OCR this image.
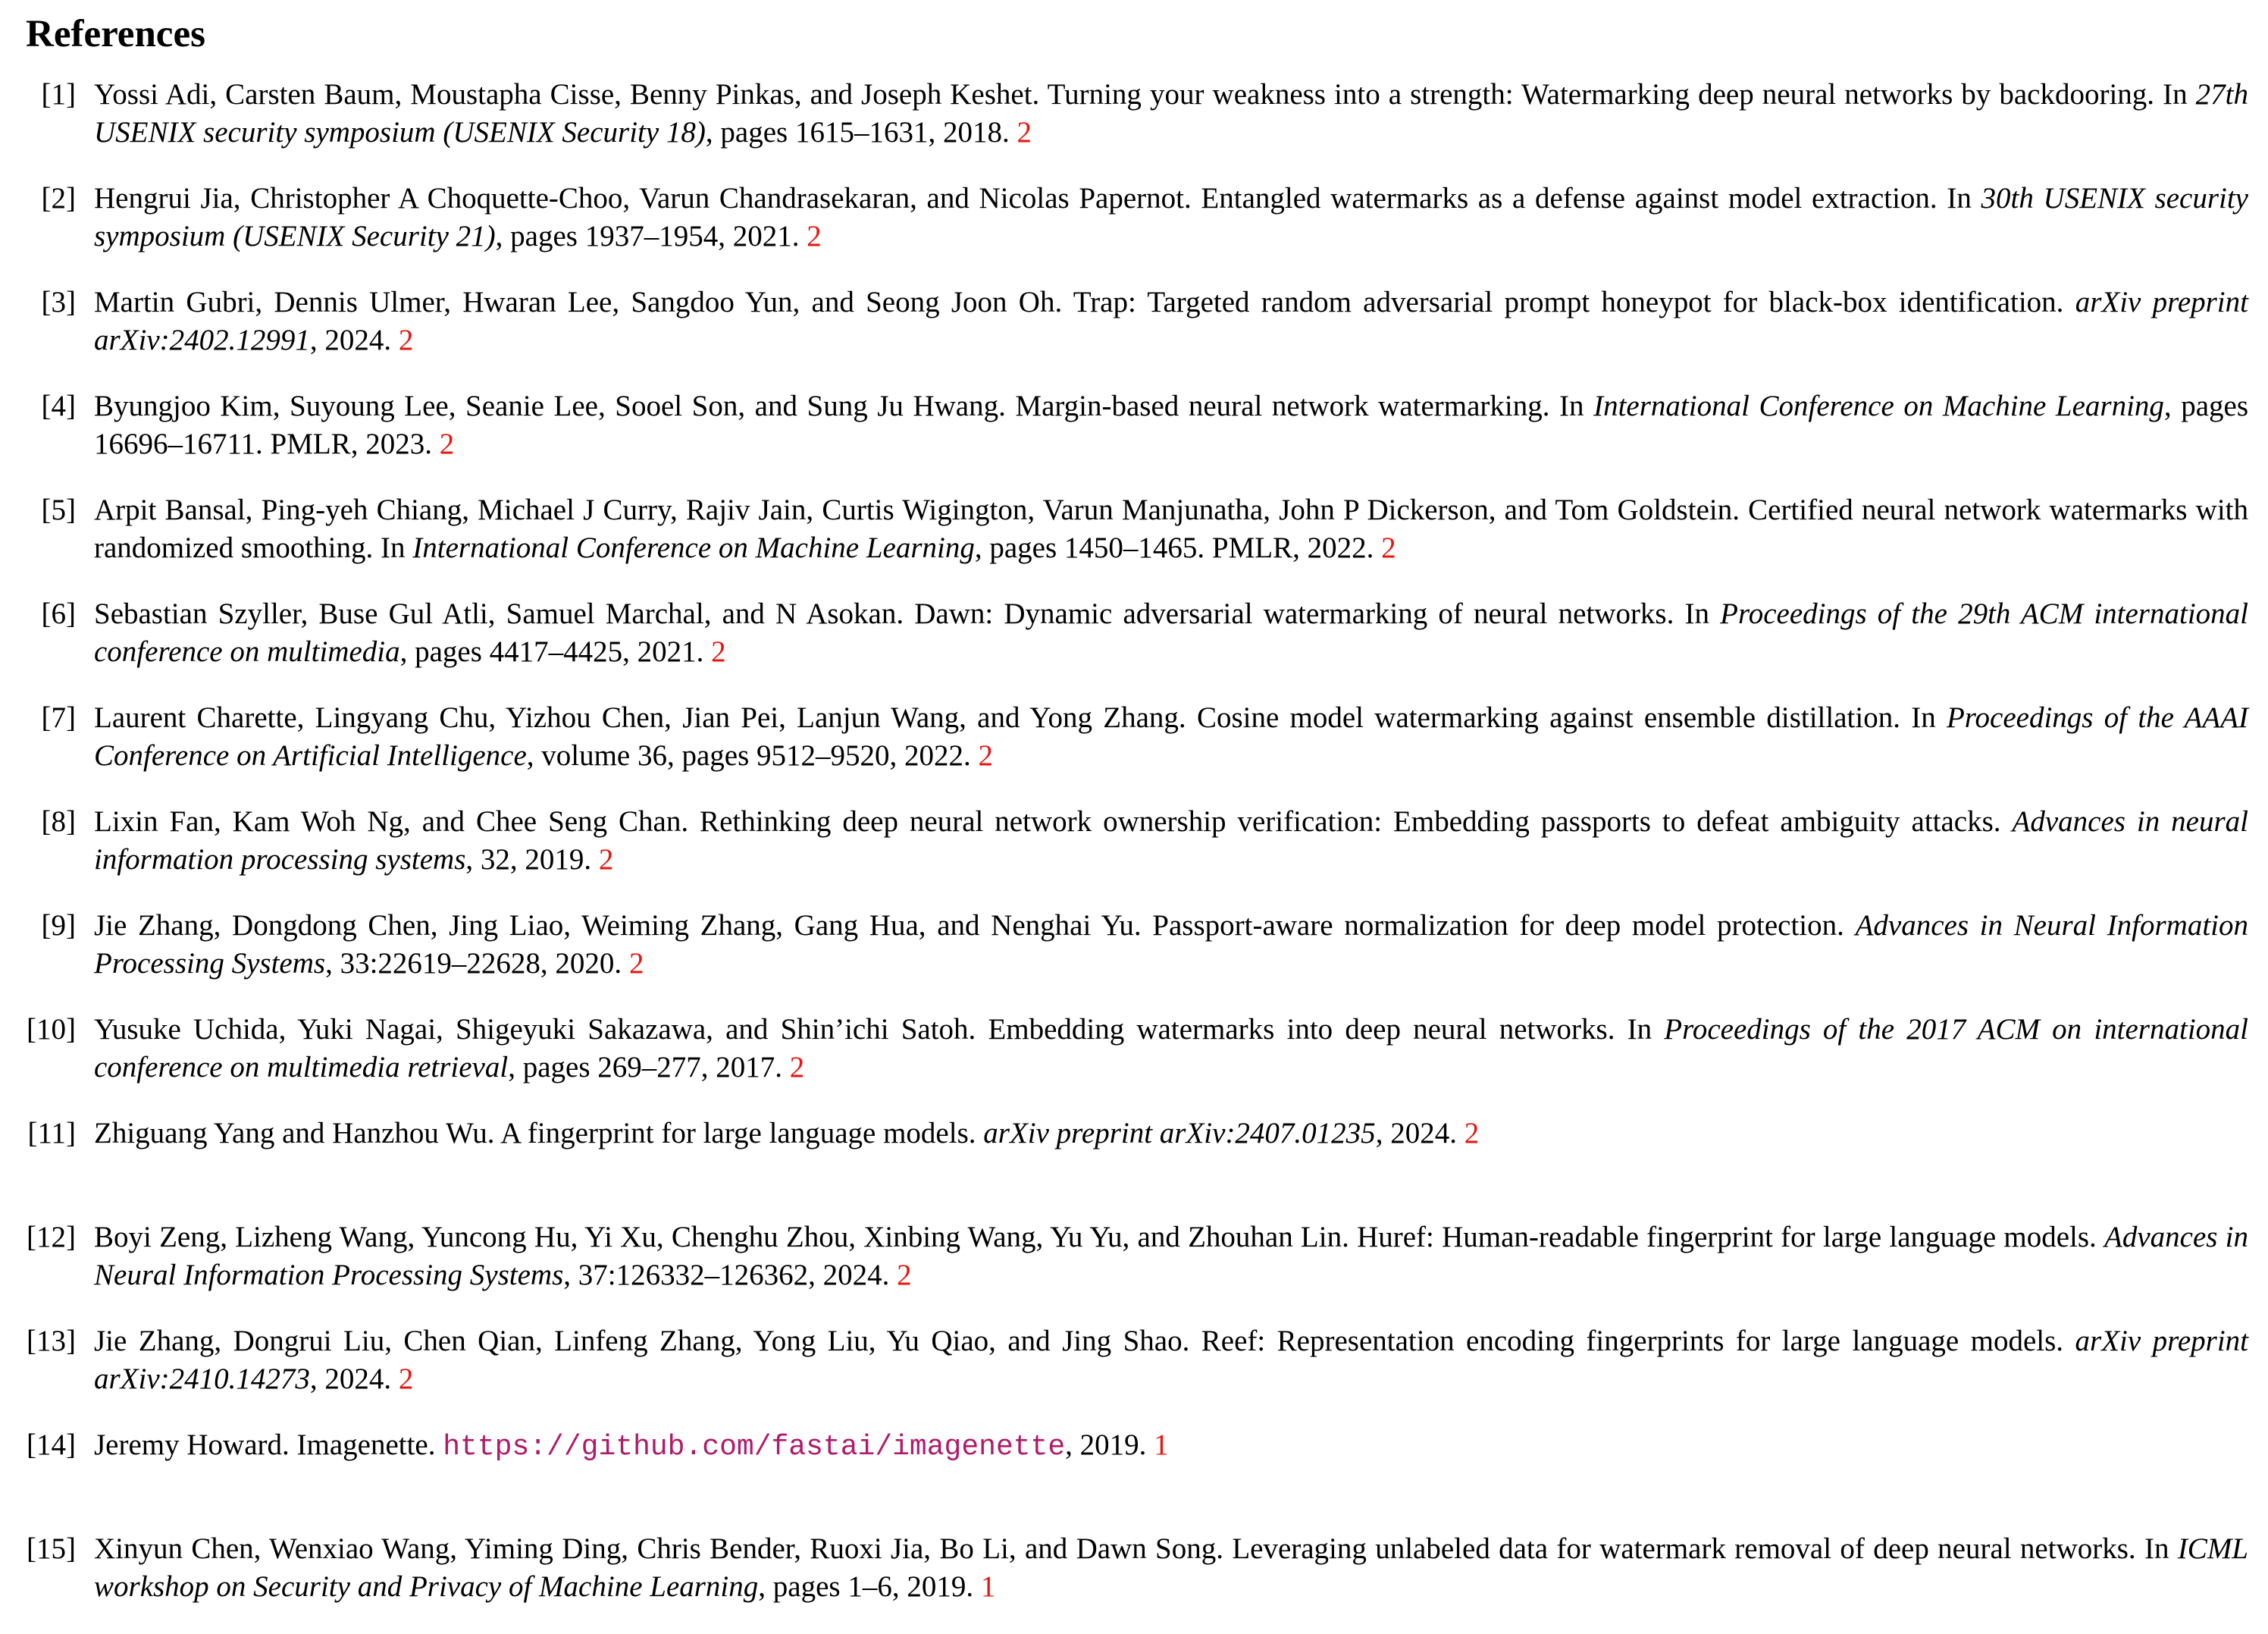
References
[1] Yossi Adi, Carsten Baum, Moustapha Cisse, Benny Pinkas, and Joseph Keshet. Turning your weakness into a strength: Watermarking deep neural networks by backdooring. In 27th USENIX security symposium (USENIX Security 18), pages 1615–1631, 2018. 2
[2] Hengrui Jia, Christopher A Choquette-Choo, Varun Chandrasekaran, and Nicolas Papernot. Entangled watermarks as a defense against model extraction. In 30th USENIX security symposium (USENIX Security 21), pages 1937–1954, 2021. 2
[3] Martin Gubri, Dennis Ulmer, Hwaran Lee, Sangdoo Yun, and Seong Joon Oh. Trap: Targeted random adversarial prompt honeypot for black-box identification. arXiv preprint arXiv:2402.12991, 2024. 2
[4] Byungjoo Kim, Suyoung Lee, Seanie Lee, Sooel Son, and Sung Ju Hwang. Margin-based neural network watermarking. In International Conference on Machine Learning, pages 16696–16711. PMLR, 2023. 2
[5] Arpit Bansal, Ping-yeh Chiang, Michael J Curry, Rajiv Jain, Curtis Wigington, Varun Manjunatha, John P Dickerson, and Tom Goldstein. Certified neural network watermarks with randomized smoothing. In International Conference on Machine Learning, pages 1450–1465. PMLR, 2022. 2
[6] Sebastian Szyller, Buse Gul Atli, Samuel Marchal, and N Asokan. Dawn: Dynamic adversarial watermarking of neural networks. In Proceedings of the 29th ACM international conference on multimedia, pages 4417–4425, 2021. 2
[7] Laurent Charette, Lingyang Chu, Yizhou Chen, Jian Pei, Lanjun Wang, and Yong Zhang. Cosine model watermarking against ensemble distillation. In Proceedings of the AAAI Conference on Artificial Intelligence, volume 36, pages 9512–9520, 2022. 2
[8] Lixin Fan, Kam Woh Ng, and Chee Seng Chan. Rethinking deep neural network ownership verification: Embedding passports to defeat ambiguity attacks. Advances in neural information processing systems, 32, 2019. 2
[9] Jie Zhang, Dongdong Chen, Jing Liao, Weiming Zhang, Gang Hua, and Nenghai Yu. Passport-aware normalization for deep model protection. Advances in Neural Information Processing Systems, 33:22619–22628, 2020. 2
[10] Yusuke Uchida, Yuki Nagai, Shigeyuki Sakazawa, and Shin’ichi Satoh. Embedding watermarks into deep neural networks. In Proceedings of the 2017 ACM on international conference on multimedia retrieval, pages 269–277, 2017. 2
[11] Zhiguang Yang and Hanzhou Wu. A fingerprint for large language models. arXiv preprint arXiv:2407.01235, 2024. 2
[12] Boyi Zeng, Lizheng Wang, Yuncong Hu, Yi Xu, Chenghu Zhou, Xinbing Wang, Yu Yu, and Zhouhan Lin. Huref: Human-readable fingerprint for large language models. Advances in Neural Information Processing Systems, 37:126332–126362, 2024. 2
[13] Jie Zhang, Dongrui Liu, Chen Qian, Linfeng Zhang, Yong Liu, Yu Qiao, and Jing Shao. Reef: Representation encoding fingerprints for large language models. arXiv preprint arXiv:2410.14273, 2024. 2
[14] Jeremy Howard. Imagenette. https://github.com/fastai/imagenette, 2019. 1
[15] Xinyun Chen, Wenxiao Wang, Yiming Ding, Chris Bender, Ruoxi Jia, Bo Li, and Dawn Song. Leveraging unlabeled data for watermark removal of deep neural networks. In ICML workshop on Security and Privacy of Machine Learning, pages 1–6, 2019. 1
